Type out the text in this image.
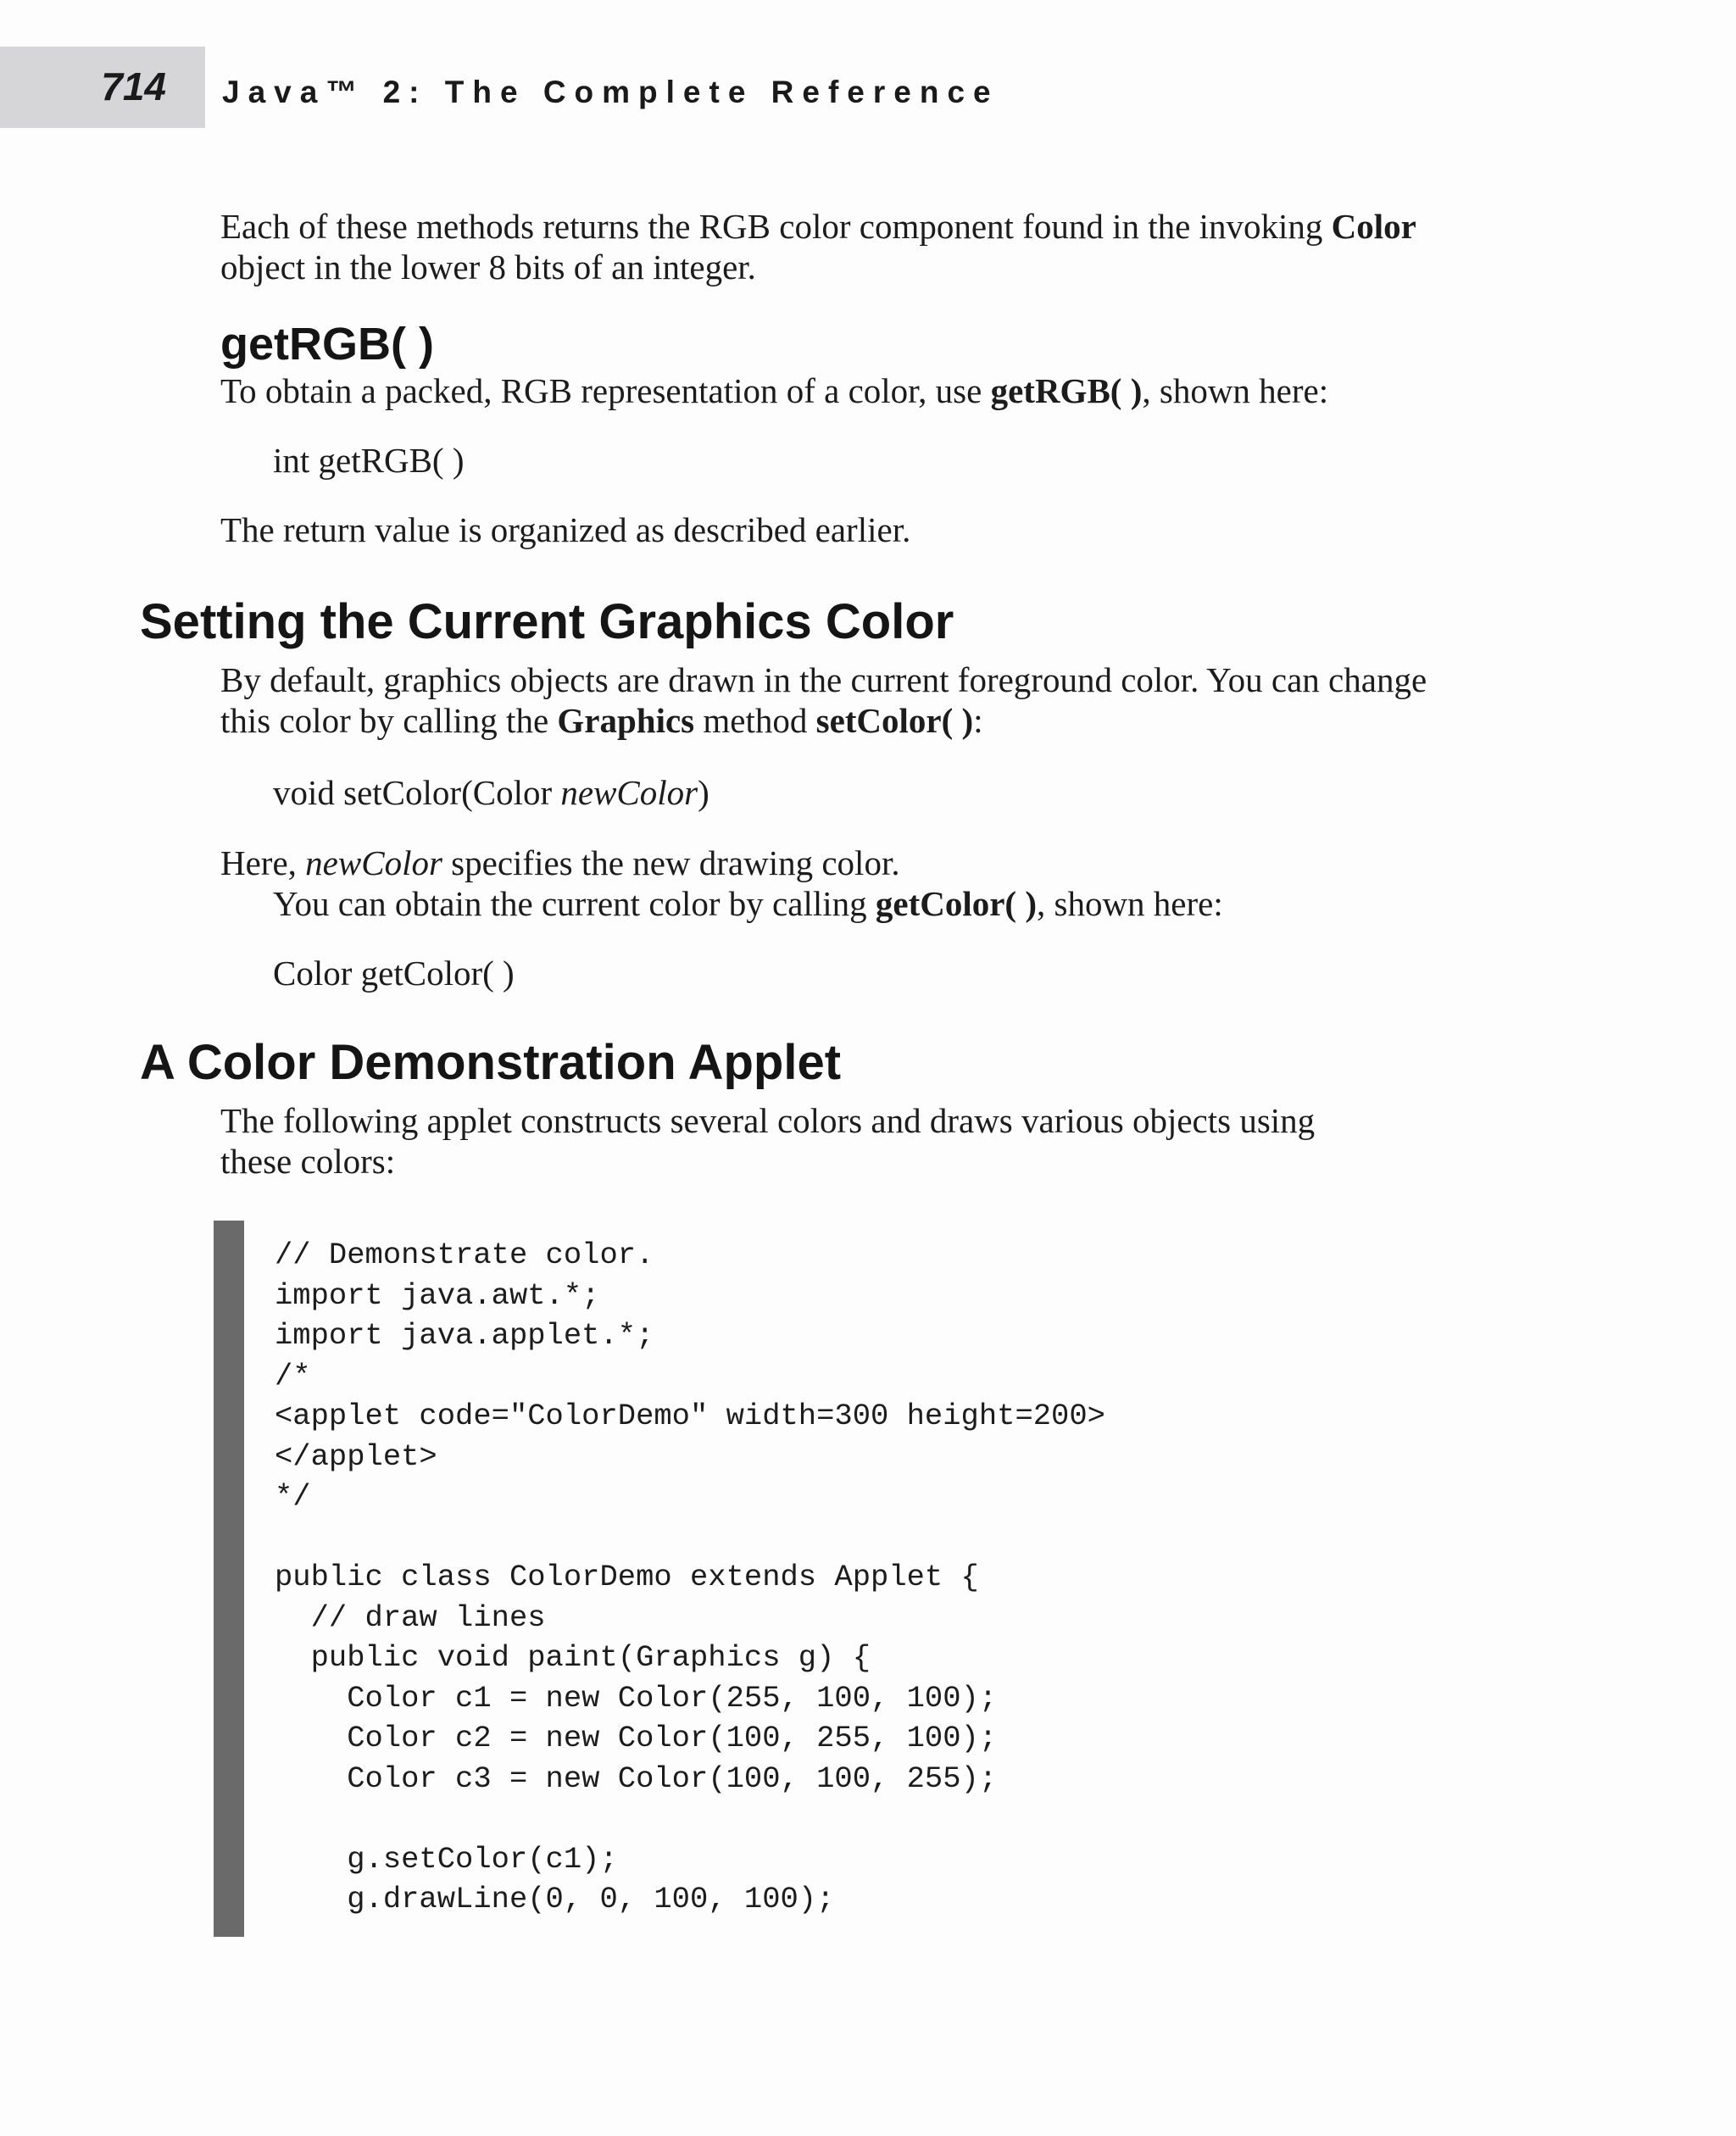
714 Java™ 2: The Complete Reference
Each of these methods returns the RGB color component found in the invoking Color
object in the lower 8 bits of an integer.
getRGB( )
To obtain a packed, RGB representation of a color, use getRGB( ), shown here:
int getRGB( )
The return value is organized as described earlier.
Setting the Current Graphics Color
By default, graphics objects are drawn in the current foreground color. You can change
this color by calling the Graphics method setColor( ):
void setColor(Color newColor)
Here, newColor specifies the new drawing color.
You can obtain the current color by calling getColor( ), shown here:
Color getColor( )
A Color Demonstration Applet
The following applet constructs several colors and draws various objects using
these colors:
// Demonstrate color.
import java.awt.*;
import java.applet.*;
/*
<applet code="ColorDemo" width=300 height=200>
</applet>
*/

public class ColorDemo extends Applet {
// draw lines
public void paint(Graphics g) {
Color c1 = new Color(255, 100, 100);
Color c2 = new Color(100, 255, 100);
Color c3 = new Color(100, 100, 255);

g.setColor(c1);
g.drawLine(0, 0, 100, 100);
